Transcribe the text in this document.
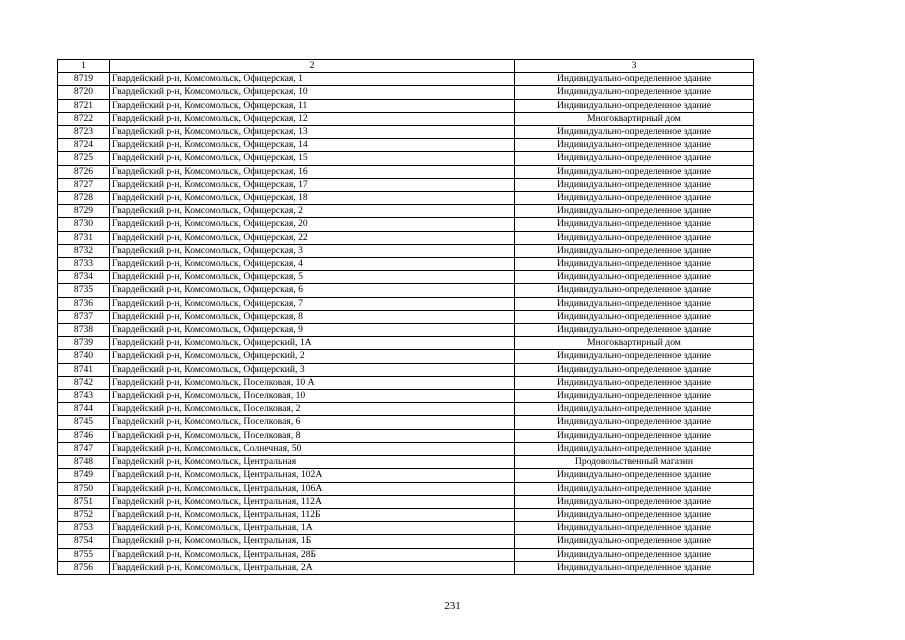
1	2	3
8719	Гвардейский р-н, Комсомольск, Офицерская, 1	Индивидуально-определенное здание
8720	Гвардейский р-н, Комсомольск, Офицерская, 10	Индивидуально-определенное здание
8721	Гвардейский р-н, Комсомольск, Офицерская, 11	Индивидуально-определенное здание
8722	Гвардейский р-н, Комсомольск, Офицерская, 12	Многоквартирный дом
8723	Гвардейский р-н, Комсомольск, Офицерская, 13	Индивидуально-определенное здание
8724	Гвардейский р-н, Комсомольск, Офицерская, 14	Индивидуально-определенное здание
8725	Гвардейский р-н, Комсомольск, Офицерская, 15	Индивидуально-определенное здание
8726	Гвардейский р-н, Комсомольск, Офицерская, 16	Индивидуально-определенное здание
8727	Гвардейский р-н, Комсомольск, Офицерская, 17	Индивидуально-определенное здание
8728	Гвардейский р-н, Комсомольск, Офицерская, 18	Индивидуально-определенное здание
8729	Гвардейский р-н, Комсомольск, Офицерская, 2	Индивидуально-определенное здание
8730	Гвардейский р-н, Комсомольск, Офицерская, 20	Индивидуально-определенное здание
8731	Гвардейский р-н, Комсомольск, Офицерская, 22	Индивидуально-определенное здание
8732	Гвардейский р-н, Комсомольск, Офицерская, 3	Индивидуально-определенное здание
8733	Гвардейский р-н, Комсомольск, Офицерская, 4	Индивидуально-определенное здание
8734	Гвардейский р-н, Комсомольск, Офицерская, 5	Индивидуально-определенное здание
8735	Гвардейский р-н, Комсомольск, Офицерская, 6	Индивидуально-определенное здание
8736	Гвардейский р-н, Комсомольск, Офицерская, 7	Индивидуально-определенное здание
8737	Гвардейский р-н, Комсомольск, Офицерская, 8	Индивидуально-определенное здание
8738	Гвардейский р-н, Комсомольск, Офицерская, 9	Индивидуально-определенное здание
8739	Гвардейский р-н, Комсомольск, Офицерский, 1А	Многоквартирный дом
8740	Гвардейский р-н, Комсомольск, Офицерский, 2	Индивидуально-определенное здание
8741	Гвардейский р-н, Комсомольск, Офицерский, 3	Индивидуально-определенное здание
8742	Гвардейский р-н, Комсомольск, Поселковая, 10 А	Индивидуально-определенное здание
8743	Гвардейский р-н, Комсомольск, Поселковая, 10	Индивидуально-определенное здание
8744	Гвардейский р-н, Комсомольск, Поселковая, 2	Индивидуально-определенное здание
8745	Гвардейский р-н, Комсомольск, Поселковая, 6	Индивидуально-определенное здание
8746	Гвардейский р-н, Комсомольск, Поселковая, 8	Индивидуально-определенное здание
8747	Гвардейский р-н, Комсомольск, Солнечная, 50	Индивидуально-определенное здание
8748	Гвардейский р-н, Комсомольск, Центральная	Продовольственный магазин
8749	Гвардейский р-н, Комсомольск, Центральная, 102А	Индивидуально-определенное здание
8750	Гвардейский р-н, Комсомольск, Центральная, 106А	Индивидуально-определенное здание
8751	Гвардейский р-н, Комсомольск, Центральная, 112А	Индивидуально-определенное здание
8752	Гвардейский р-н, Комсомольск, Центральная, 112Б	Индивидуально-определенное здание
8753	Гвардейский р-н, Комсомольск, Центральная, 1А	Индивидуально-определенное здание
8754	Гвардейский р-н, Комсомольск, Центральная, 1Б	Индивидуально-определенное здание
8755	Гвардейский р-н, Комсомольск, Центральная, 28Б	Индивидуально-определенное здание
8756	Гвардейский р-н, Комсомольск, Центральная, 2А	Индивидуально-определенное здание
231
